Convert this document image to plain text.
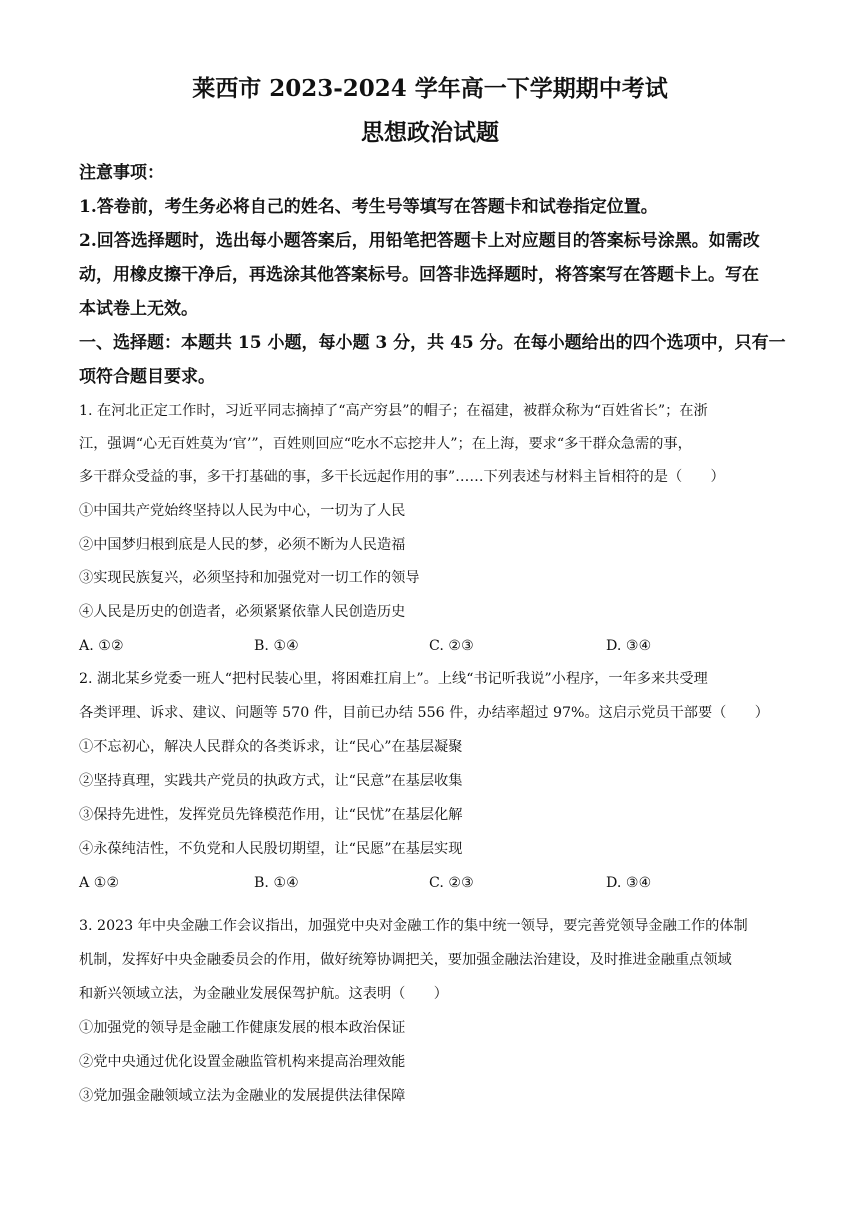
莱西市 2023-2024 学年高一下学期期中考试
思想政治试题
注意事项：
1.答卷前，考生务必将自己的姓名、考生号等填写在答题卡和试卷指定位置。
2.回答选择题时，选出每小题答案后，用铅笔把答题卡上对应题目的答案标号涂黑。如需改
动，用橡皮擦干净后，再选涂其他答案标号。回答非选择题时，将答案写在答题卡上。写在
本试卷上无效。
一、选择题：本题共 15 小题，每小题 3 分，共 45 分。在每小题给出的四个选项中，只有一
项符合题目要求。
1. 在河北正定工作时，习近平同志摘掉了“高产穷县”的帽子；在福建，被群众称为“百姓省长”；在浙
江，强调“心无百姓莫为‘官’”，百姓则回应“吃水不忘挖井人”；在上海，要求“多干群众急需的事，
多干群众受益的事，多干打基础的事，多干长远起作用的事”……下列表述与材料主旨相符的是（　　）
①中国共产党始终坚持以人民为中心，一切为了人民
②中国梦归根到底是人民的梦，必须不断为人民造福
③实现民族复兴，必须坚持和加强党对一切工作的领导
④人民是历史的创造者，必须紧紧依靠人民创造历史
A. ①②	B. ①④	C. ②③	D. ③④
2. 湖北某乡党委一班人“把村民装心里，将困难扛肩上”。上线“书记听我说”小程序，一年多来共受理
各类评理、诉求、建议、问题等 570 件，目前已办结 556 件，办结率超过 97%。这启示党员干部要（　　）
①不忘初心，解决人民群众的各类诉求，让“民心”在基层凝聚
②坚持真理，实践共产党员的执政方式，让“民意”在基层收集
③保持先进性，发挥党员先锋模范作用，让“民忧”在基层化解
④永葆纯洁性，不负党和人民殷切期望，让“民愿”在基层实现
A ①②	B. ①④	C. ②③	D. ③④
3. 2023 年中央金融工作会议指出，加强党中央对金融工作的集中统一领导，要完善党领导金融工作的体制
机制，发挥好中央金融委员会的作用，做好统筹协调把关，要加强金融法治建设，及时推进金融重点领域
和新兴领域立法，为金融业发展保驾护航。这表明（　　）
①加强党的领导是金融工作健康发展的根本政治保证
②党中央通过优化设置金融监管机构来提高治理效能
③党加强金融领域立法为金融业的发展提供法律保障
